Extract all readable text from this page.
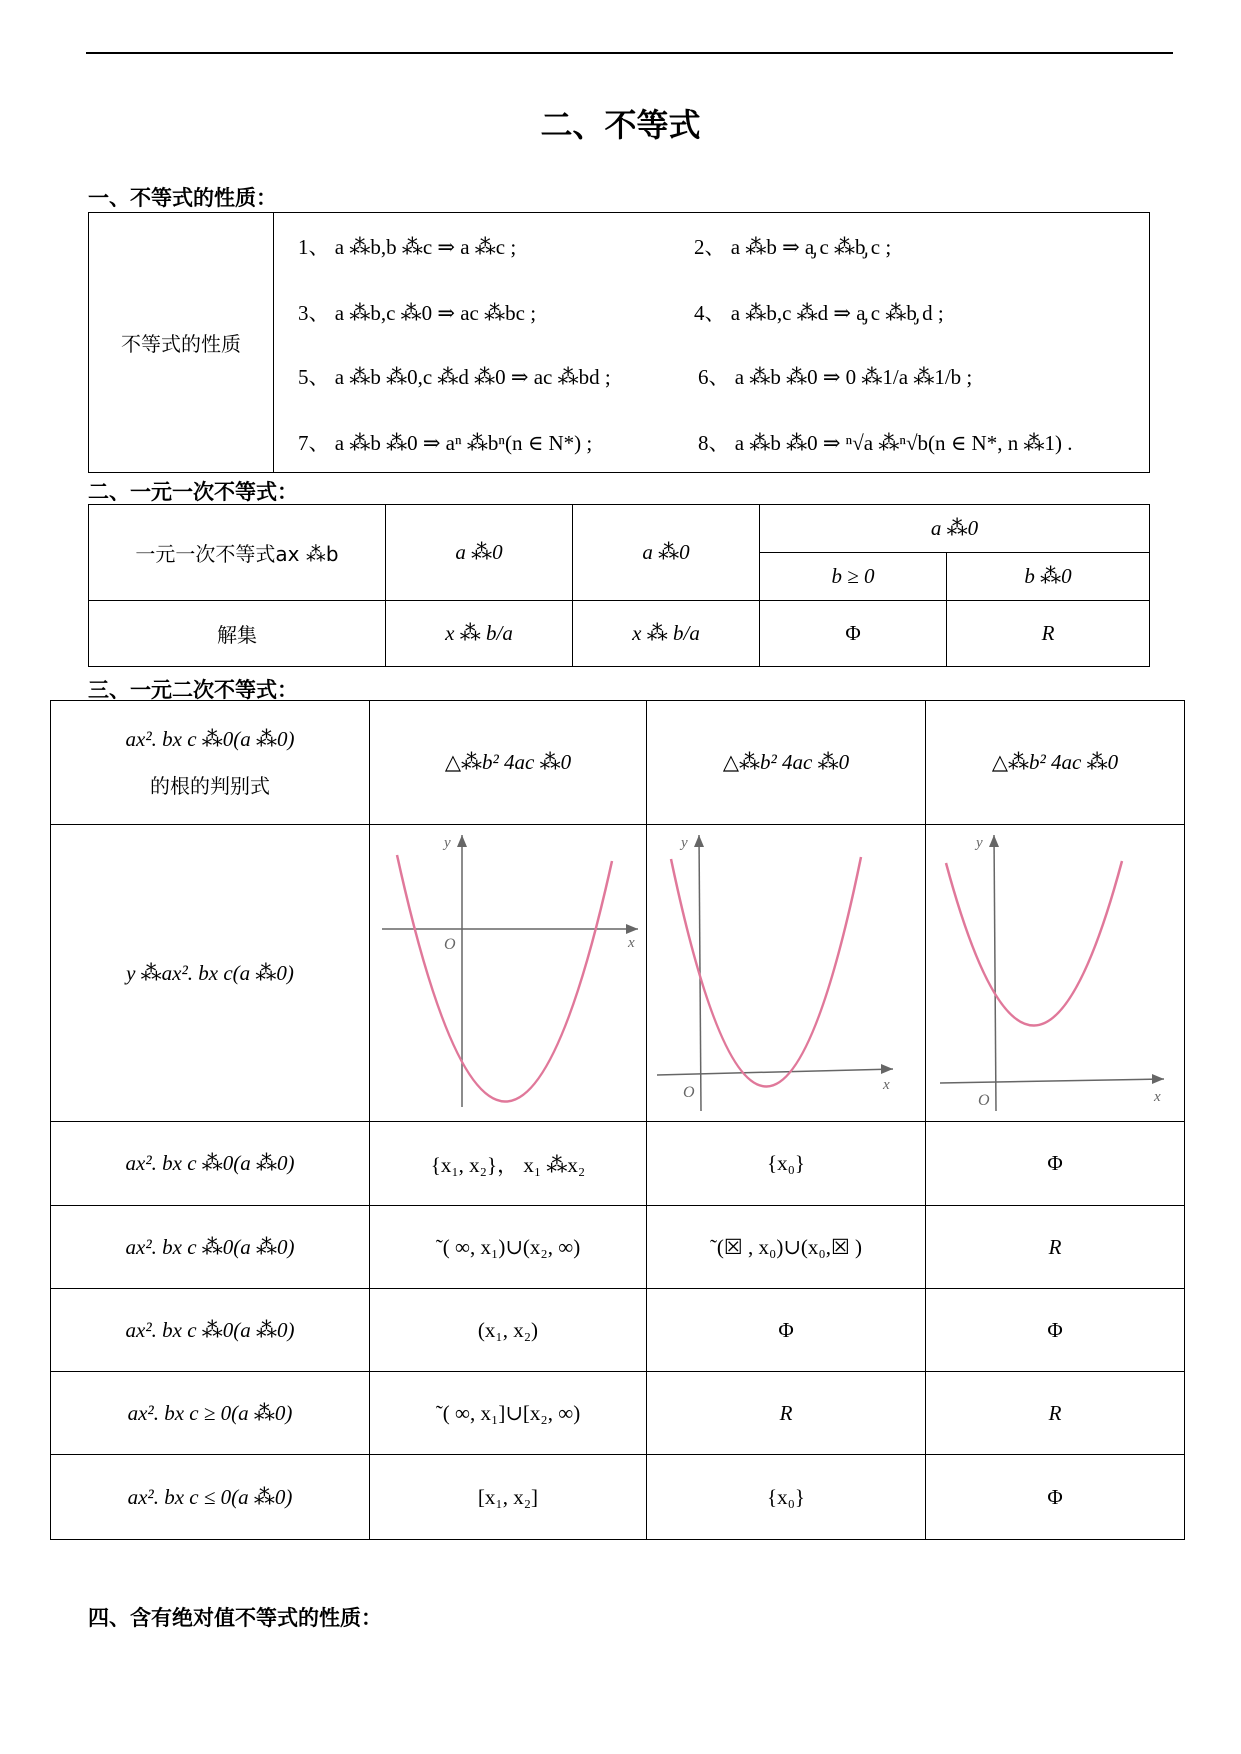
二、不等式
一、不等式的性质：
不等式的性质	
1、 a ⁂b,b ⁂c ⇒ a ⁂c ;	2、 a ⁂b ⇒ a̡ c ⁂b̡ c ;
3、 a ⁂b,c ⁂0 ⇒ ac ⁂bc ;	4、 a ⁂b,c ⁂d ⇒ a̡ c ⁂b̡ d ;
5、 a ⁂b ⁂0,c ⁂d ⁂0 ⇒ ac ⁂bd ;	6、 a ⁂b ⁂0 ⇒ 0 ⁂1/a ⁂1/b ;
7、 a ⁂b ⁂0 ⇒ aⁿ ⁂bⁿ(n ∈ N*) ;	8、 a ⁂b ⁂0 ⇒ ⁿ√a ⁂ⁿ√b(n ∈ N*, n ⁂1) .
二、一元一次不等式：
一元一次不等式ax ⁂b	a ⁂0	a ⁂0	a ⁂0	
			b ≥ 0	b ⁂0
解集	x ⁂ b/a	x ⁂ b/a	Φ	R
三、一元二次不等式：
ax². bx c ⁂0(a ⁂0)
的根的判别式	△⁂b² 4ac ⁂0	△⁂b² 4ac ⁂0	△⁂b² 4ac ⁂0
y ⁂ax². bx c(a ⁂0)	y
x
O	y
x
O	y
x
O

ax². bx c ⁂0(a ⁂0)	{x₁, x₂}， x₁ ⁂x₂	{x₀}	Φ
ax². bx c ⁂0(a ⁂0)	˜( ∞, x₁)∪(x₂, ∞)	˜(☒ , x₀)∪(x₀,☒ )	R
ax². bx c ⁂0(a ⁂0)	(x₁, x₂)	Φ	Φ
ax². bx c ≥ 0(a ⁂0)	˜( ∞, x₁]∪[x₂, ∞)	R	R
ax². bx c ≤ 0(a ⁂0)	[x₁, x₂]	{x₀}	Φ
四、含有绝对值不等式的性质：
